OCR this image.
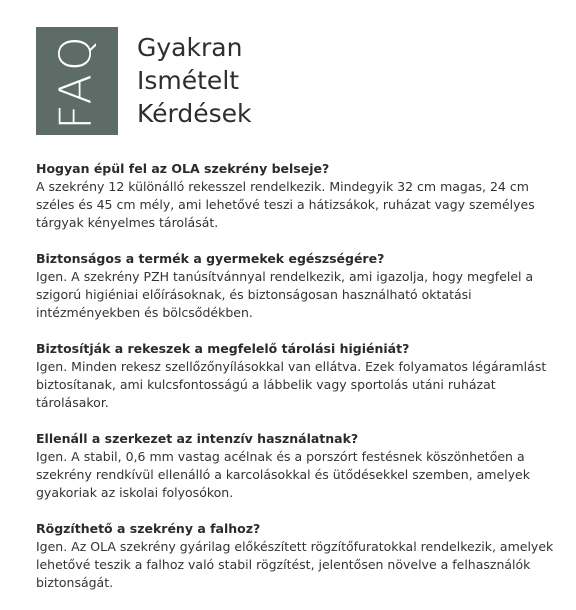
FAQ Gyakran
Ismételt
Kérdések

Hogyan épül fel az OLA szekrény belseje?

A szekrény 12 különálló rekesszel rendelkezik. Mindegyik 32 cm magas, 24 cm széles és 45 cm mély, ami lehetővé teszi a hátizsákok, ruházat vagy személyes tárgyak kényelmes tárolását.

Biztonságos a termék a gyermekek egészségére?

Igen. A szekrény PZH tanúsítvánnyal rendelkezik, ami igazolja, hogy megfelel a szigorú higiéniai előírásoknak, és biztonságosan használható oktatási intézményekben és bölcsődékben.

Biztosítják a rekeszek a megfelelő tárolási higiéniát?

Igen. Minden rekesz szellőzőnyílásokkal van ellátva. Ezek folyamatos légáramlást biztosítanak, ami kulcsfontosságú a lábbelik vagy sportolás utáni ruházat tárolásakor.

Ellenáll a szerkezet az intenzív használatnak?

Igen. A stabil, 0,6 mm vastag acélnak és a porszórt festésnek köszönhetően a szekrény rendkívül ellenálló a karcolásokkal és ütődésekkel szemben, amelyek gyakoriak az iskolai folyosókon.

Rögzíthető a szekrény a falhoz?

Igen. Az OLA szekrény gyárilag előkészített rögzítőfuratokkal rendelkezik, amelyek lehetővé teszik a falhoz való stabil rögzítést, jelentősen növelve a felhasználók biztonságát.
